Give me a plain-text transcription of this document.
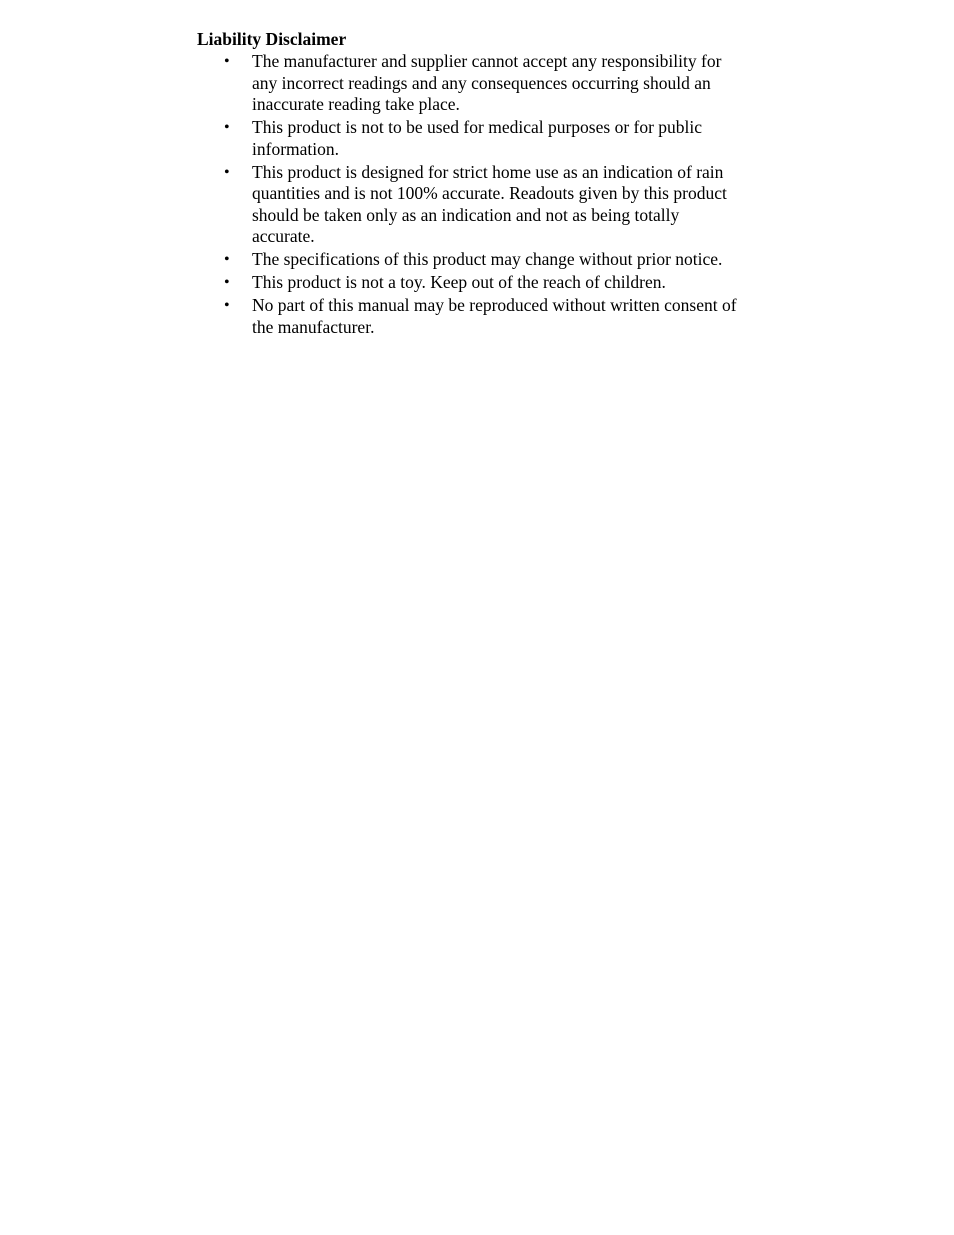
Liability Disclaimer
• The manufacturer and supplier cannot accept any responsibility for any incorrect readings and any consequences occurring should an inaccurate reading take place.
• This product is not to be used for medical purposes or for public information.
• This product is designed for strict home use as an indication of rain quantities and is not 100% accurate. Readouts given by this product should be taken only as an indication and not as being totally accurate.
• The specifications of this product may change without prior notice.
• This product is not a toy. Keep out of the reach of children.
• No part of this manual may be reproduced without written consent of the manufacturer.
